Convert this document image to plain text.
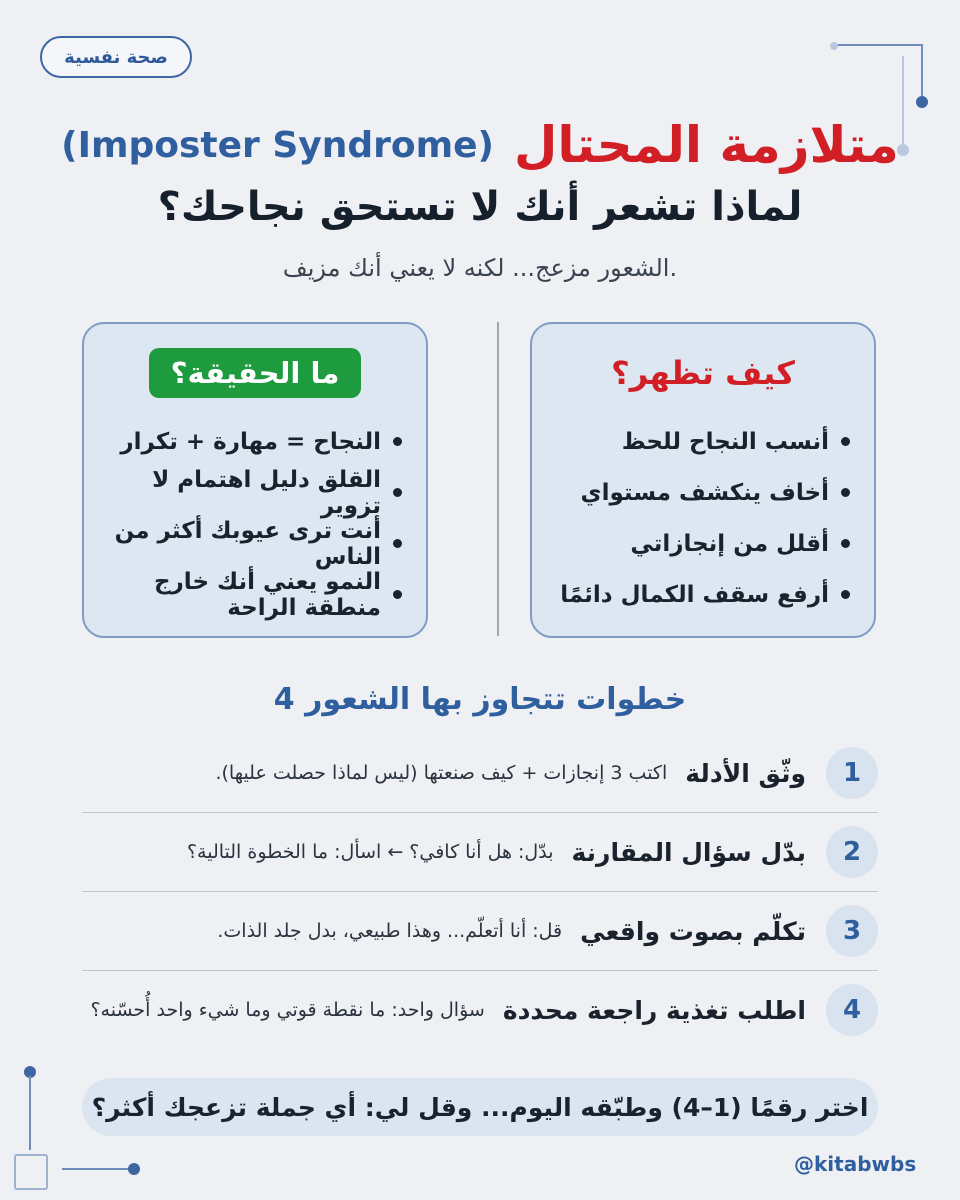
صحة نفسية
(Imposter Syndrome) متلازمة المحتال
لماذا تشعر أنك لا تستحق نجاحك؟
الشعور مزعج... لكنه لا يعني أنك مزيف.
كيف تظهر؟
أنسب النجاح للحظ
أخاف ينكشف مستواي
أقلل من إنجازاتي
أرفع سقف الكمال دائمًا
ما الحقيقة؟
النجاح = مهارة + تكرار
القلق دليل اهتمام لا تزوير
أنت ترى عيوبك أكثر من الناس
النمو يعني أنك خارج منطقة الراحة
4 خطوات تتجاوز بها الشعور
1
وثّق الأدلة
اكتب 3 إنجازات + كيف صنعتها (ليس لماذا حصلت عليها).
2
بدّل سؤال المقارنة
بدّل: هل أنا كافي؟ ← اسأل: ما الخطوة التالية؟
3
تكلّم بصوت واقعي
قل: أنا أتعلّم... وهذا طبيعي، بدل جلد الذات.
4
اطلب تغذية راجعة محددة
سؤال واحد: ما نقطة قوتي وما شيء واحد أُحسّنه؟
اختر رقمًا (1–4) وطبّقه اليوم... وقل لي: أي جملة تزعجك أكثر؟
@kitabwbs
